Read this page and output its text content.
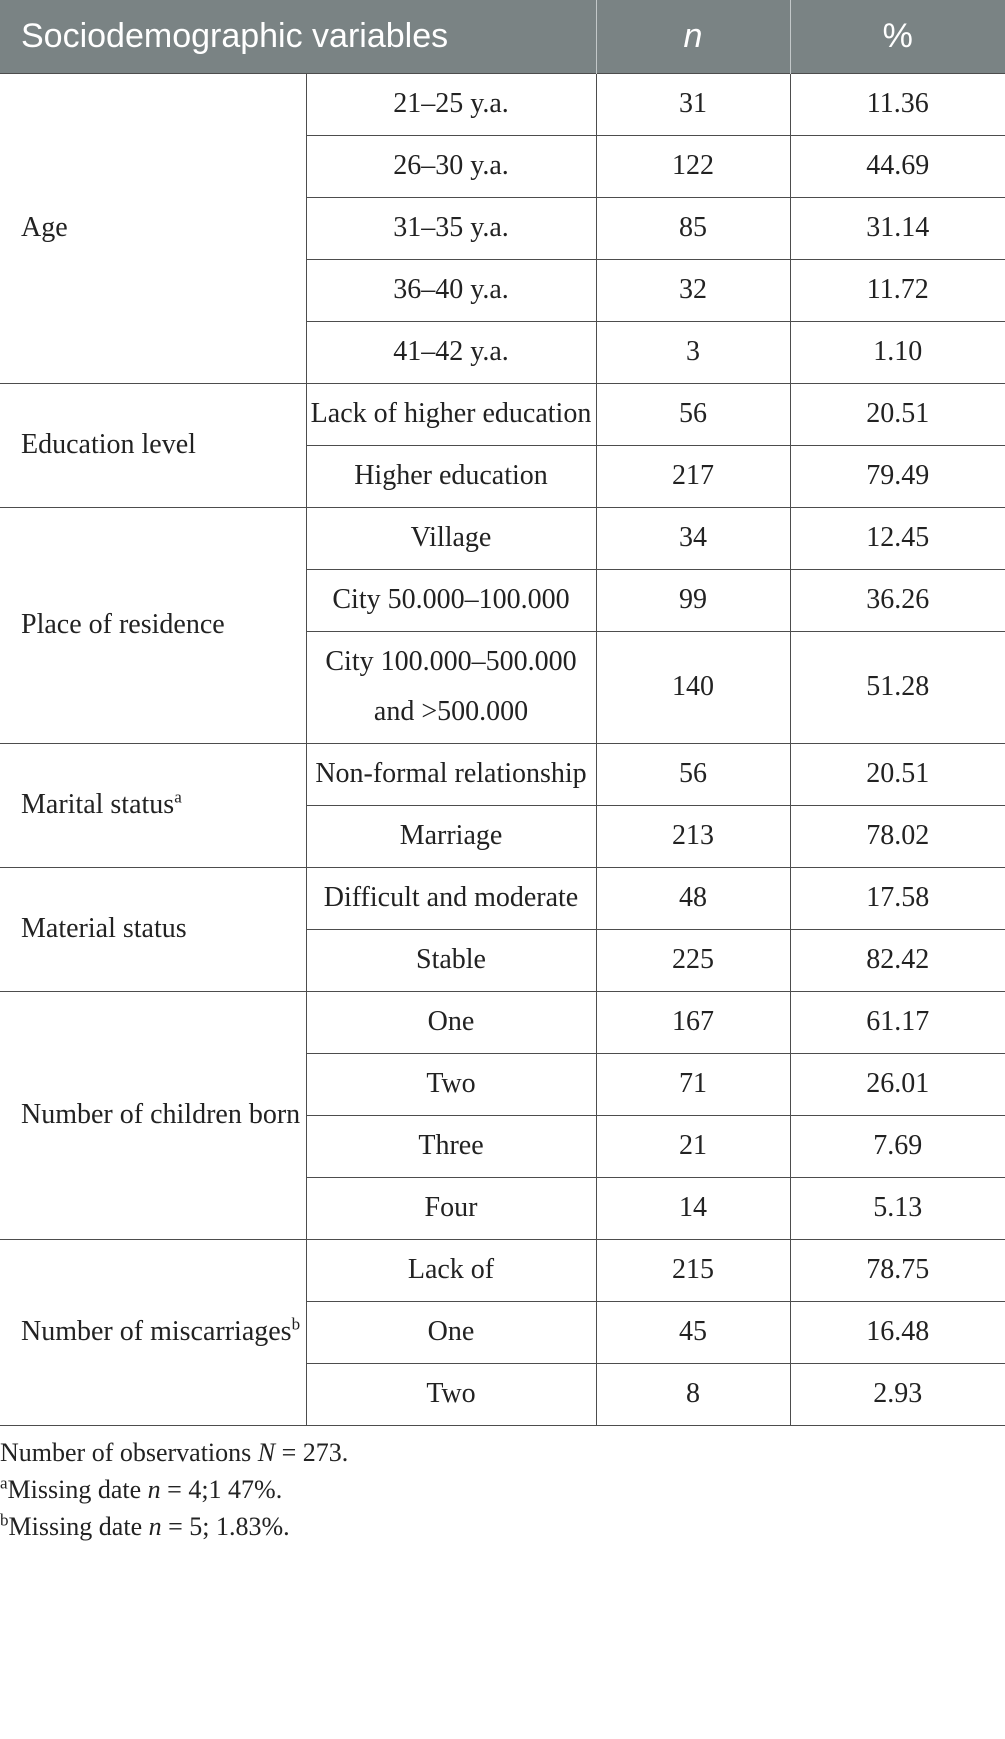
Sociodemographic variables		n	%
Age	21–25 y.a.	31	11.36
	26–30 y.a.	122	44.69
	31–35 y.a.	85	31.14
	36–40 y.a.	32	11.72
	41–42 y.a.	3	1.10
Education level	Lack of higher education	56	20.51
	Higher education	217	79.49
Place of residence	Village	34	12.45
	City 50.000–100.000	99	36.26
	City 100.000–500.000 and >500.000	140	51.28
Marital status$^a$	Non-formal relationship	56	20.51
	Marriage	213	78.02
Material status	Difficult and moderate	48	17.58
	Stable	225	82.42
Number of children born	One	167	61.17
	Two	71	26.01
	Three	21	7.69
	Four	14	5.13
Number of miscarriages$^b$	Lack of	215	78.75
	One	45	16.48
	Two	8	2.93
Number of observations N = 273.
$^a$Missing date n = 4;1 47%.
$^b$Missing date n = 5; 1.83%.
